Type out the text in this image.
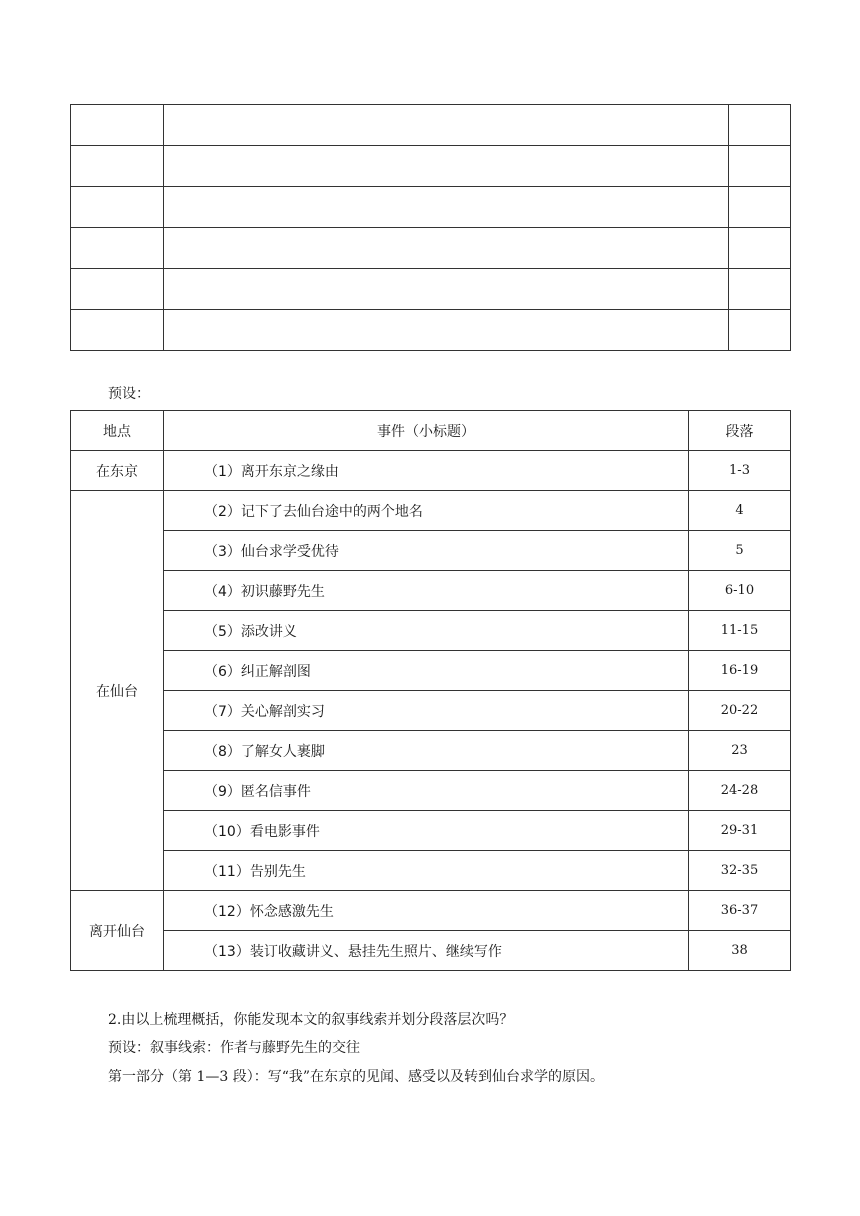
预设：
地点	事件（小标题）	段落
在东京	（1）离开东京之缘由	1-3
在仙台	（2）记下了去仙台途中的两个地名	4
	（3）仙台求学受优待	5
	（4）初识藤野先生	6-10
	（5）添改讲义	11-15
	（6）纠正解剖图	16-19
	（7）关心解剖实习	20-22
	（8）了解女人裹脚	23
	（9）匿名信事件	24-28
	（10）看电影事件	29-31
	（11）告别先生	32-35
离开仙台	（12）怀念感激先生	36-37
	（13）装订收藏讲义、悬挂先生照片、继续写作	38
2.由以上梳理概括，你能发现本文的叙事线索并划分段落层次吗？
预设：叙事线索：作者与藤野先生的交往
第一部分（第 1—3 段）：写“我”在东京的见闻、感受以及转到仙台求学的原因。
